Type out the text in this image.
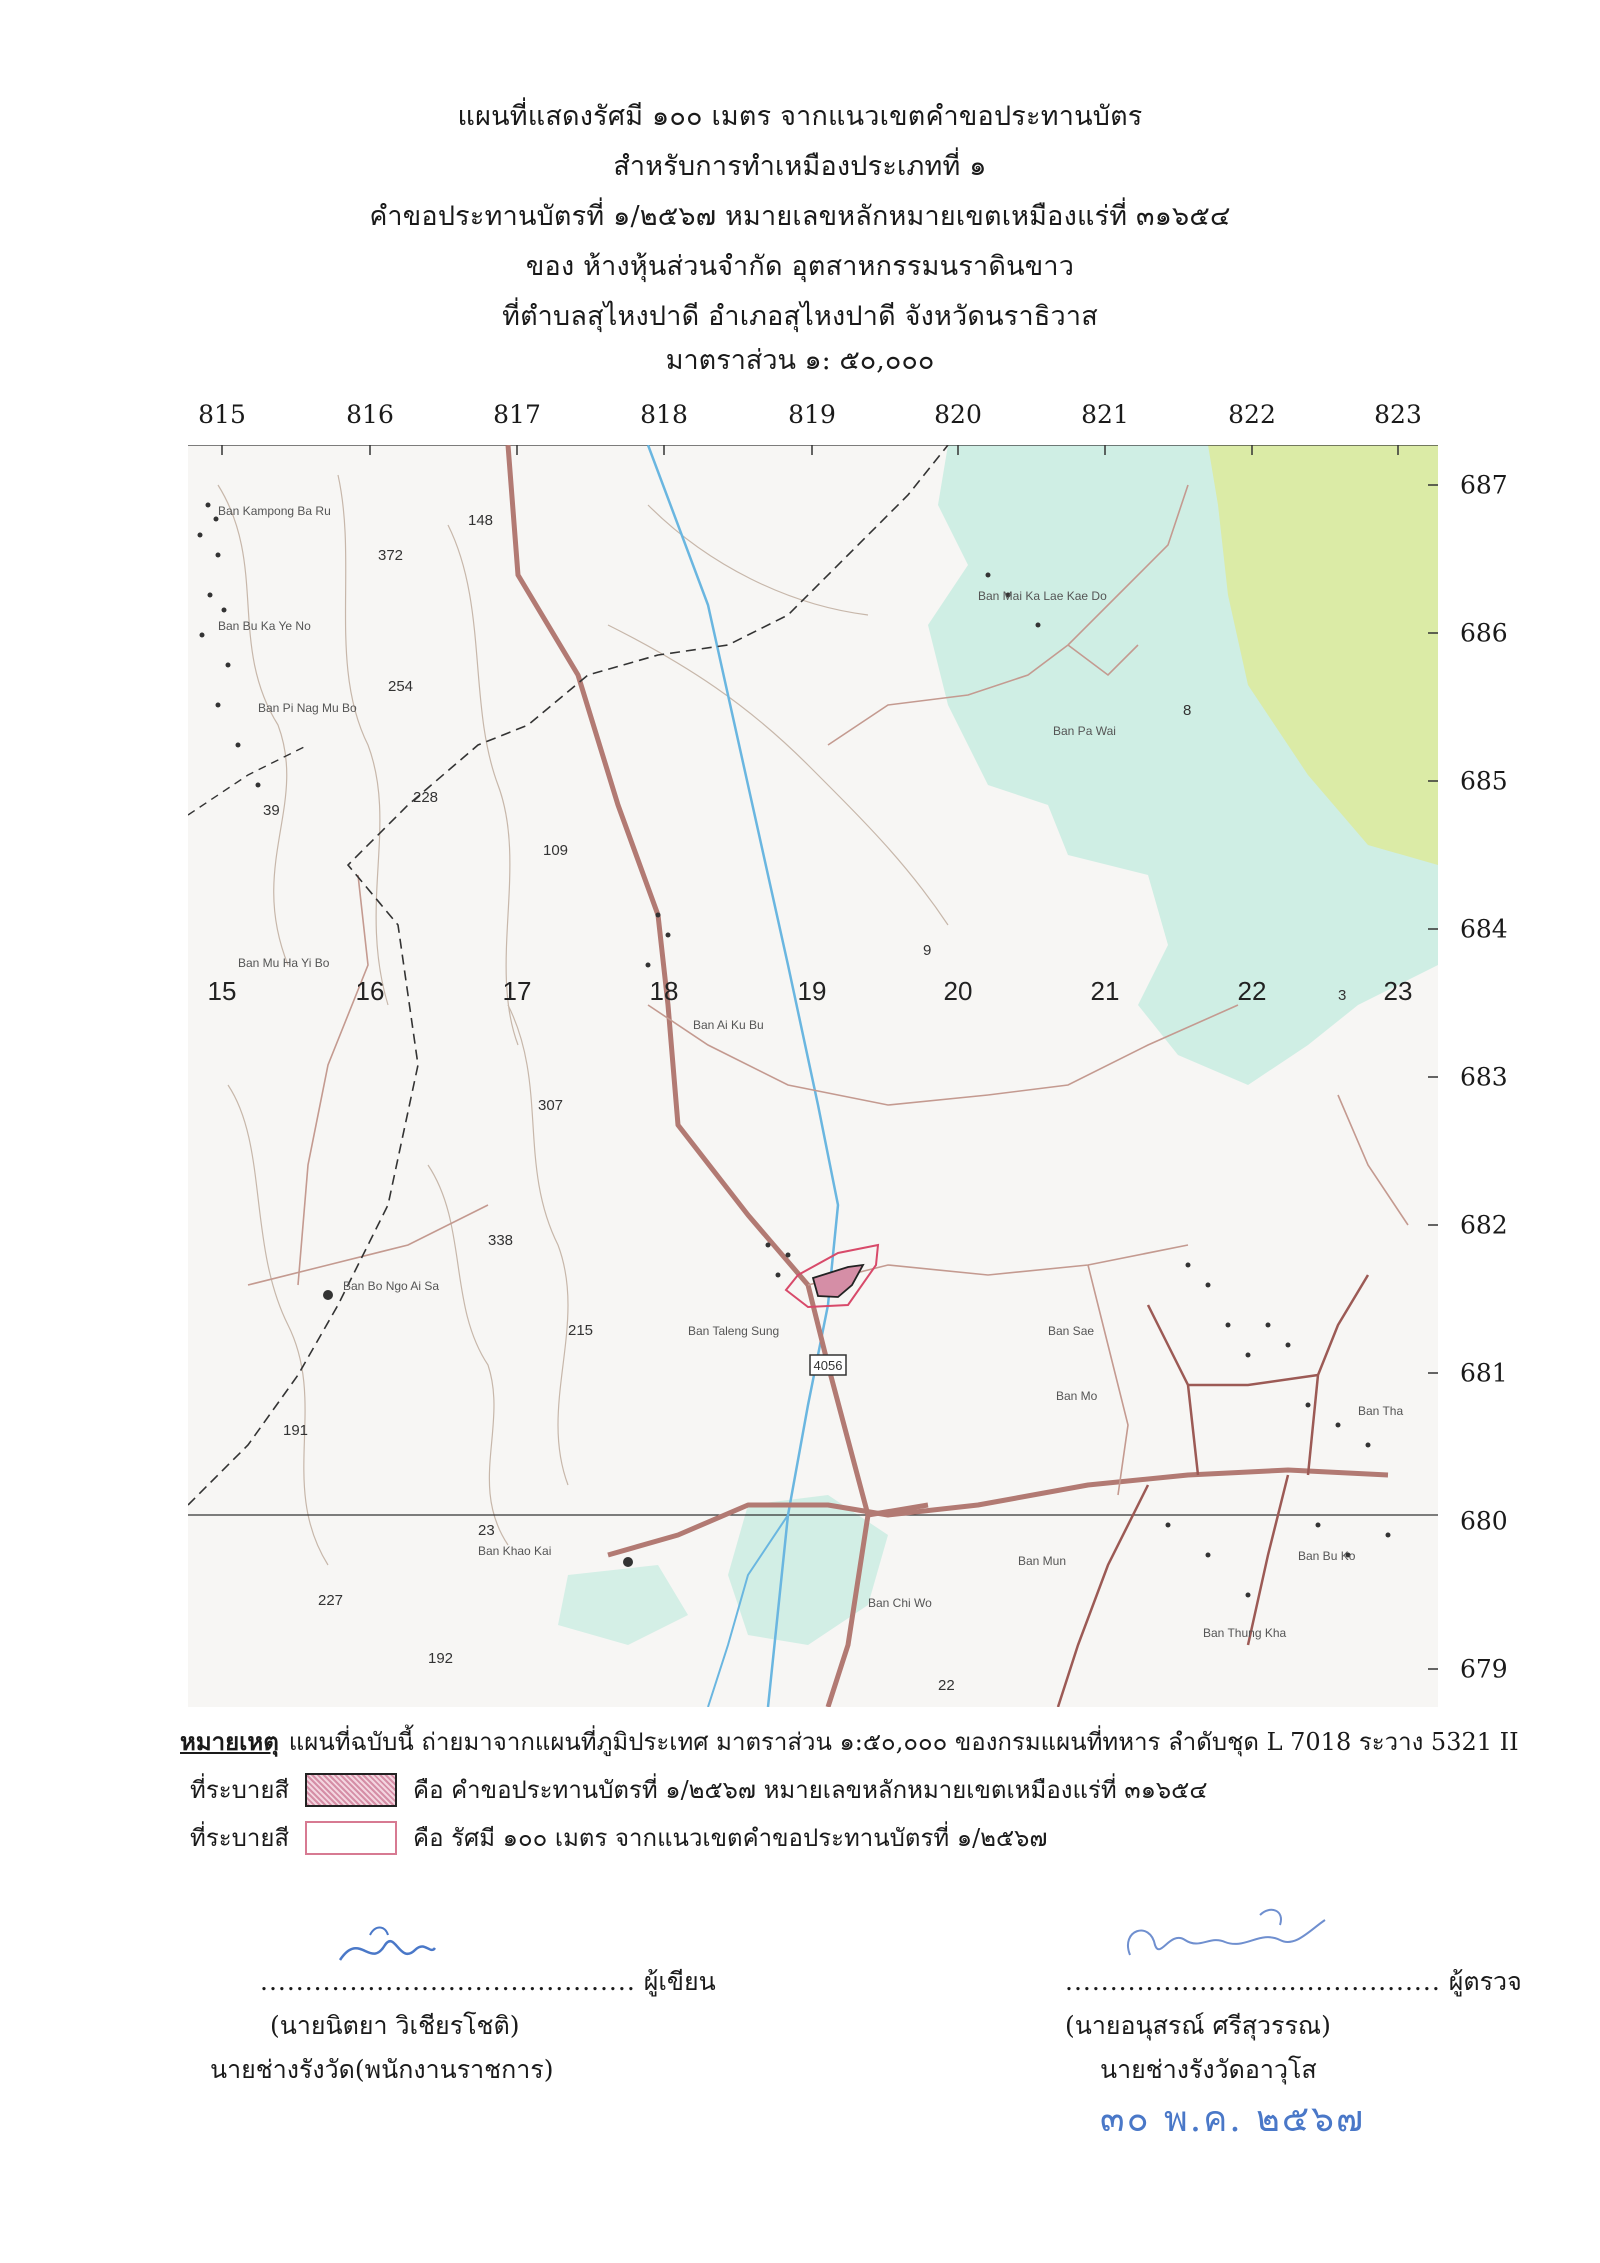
แผนที่แสดงรัศมี ๑๐๐ เมตร จากแนวเขตคำขอประทานบัตร
สำหรับการทำเหมืองประเภทที่ ๑
คำขอประทานบัตรที่ ๑/๒๕๖๗ หมายเลขหลักหมายเขตเหมืองแร่ที่ ๓๑๖๕๔
ของ ห้างหุ้นส่วนจำกัด อุตสาหกรรมนราดินขาว
ที่ตำบลสุไหงปาดี อำเภอสุไหงปาดี จังหวัดนราธิวาส
มาตราส่วน ๑: ๕๐,๐๐๐
815	816	817	818	819	820	821	822	823
4056
15	16	17	18	19	20	21	22	23
372
148
254
228
39
109
307
338
215
191
23
227
192
22
8
9
3
Ban Kampong Ba Ru
Ban Bu Ka Ye No
Ban Pi Nag Mu Bo
Ban Mu Ha Yi Bo
Ban Ai Ku Bu
Ban Bo Ngo Ai Sa
Ban Taleng Sung
Ban Mai Ka Lae Kae Do
Ban Pa Wai
Ban Sae
Ban Mo
Ban Tha
Ban Khao Kai
Ban Chi Wo
Ban Thung Kha
Ban Mun	Ban Bu Ko
687
686
685
684
683
682
681
680
679
หมายเหตุ แผนที่ฉบับนี้ ถ่ายมาจากแผนที่ภูมิประเทศ มาตราส่วน ๑:๕๐,๐๐๐ ของกรมแผนที่ทหาร ลำดับชุด L 7018 ระวาง 5321 II
ที่ระบายสี	คือ คำขอประทานบัตรที่ ๑/๒๕๖๗ หมายเลขหลักหมายเขตเหมืองแร่ที่ ๓๑๖๕๔
ที่ระบายสี	คือ รัศมี ๑๐๐ เมตร จากแนวเขตคำขอประทานบัตรที่ ๑/๒๕๖๗
.......................................... ผู้เขียน
(นายนิตยา วิเชียรโชติ)
นายช่างรังวัด(พนักงานราชการ)
.......................................... ผู้ตรวจ
(นายอนุสรณ์ ศรีสุวรรณ)
นายช่างรังวัดอาวุโส
๓๐ พ.ค. ๒๕๖๗
